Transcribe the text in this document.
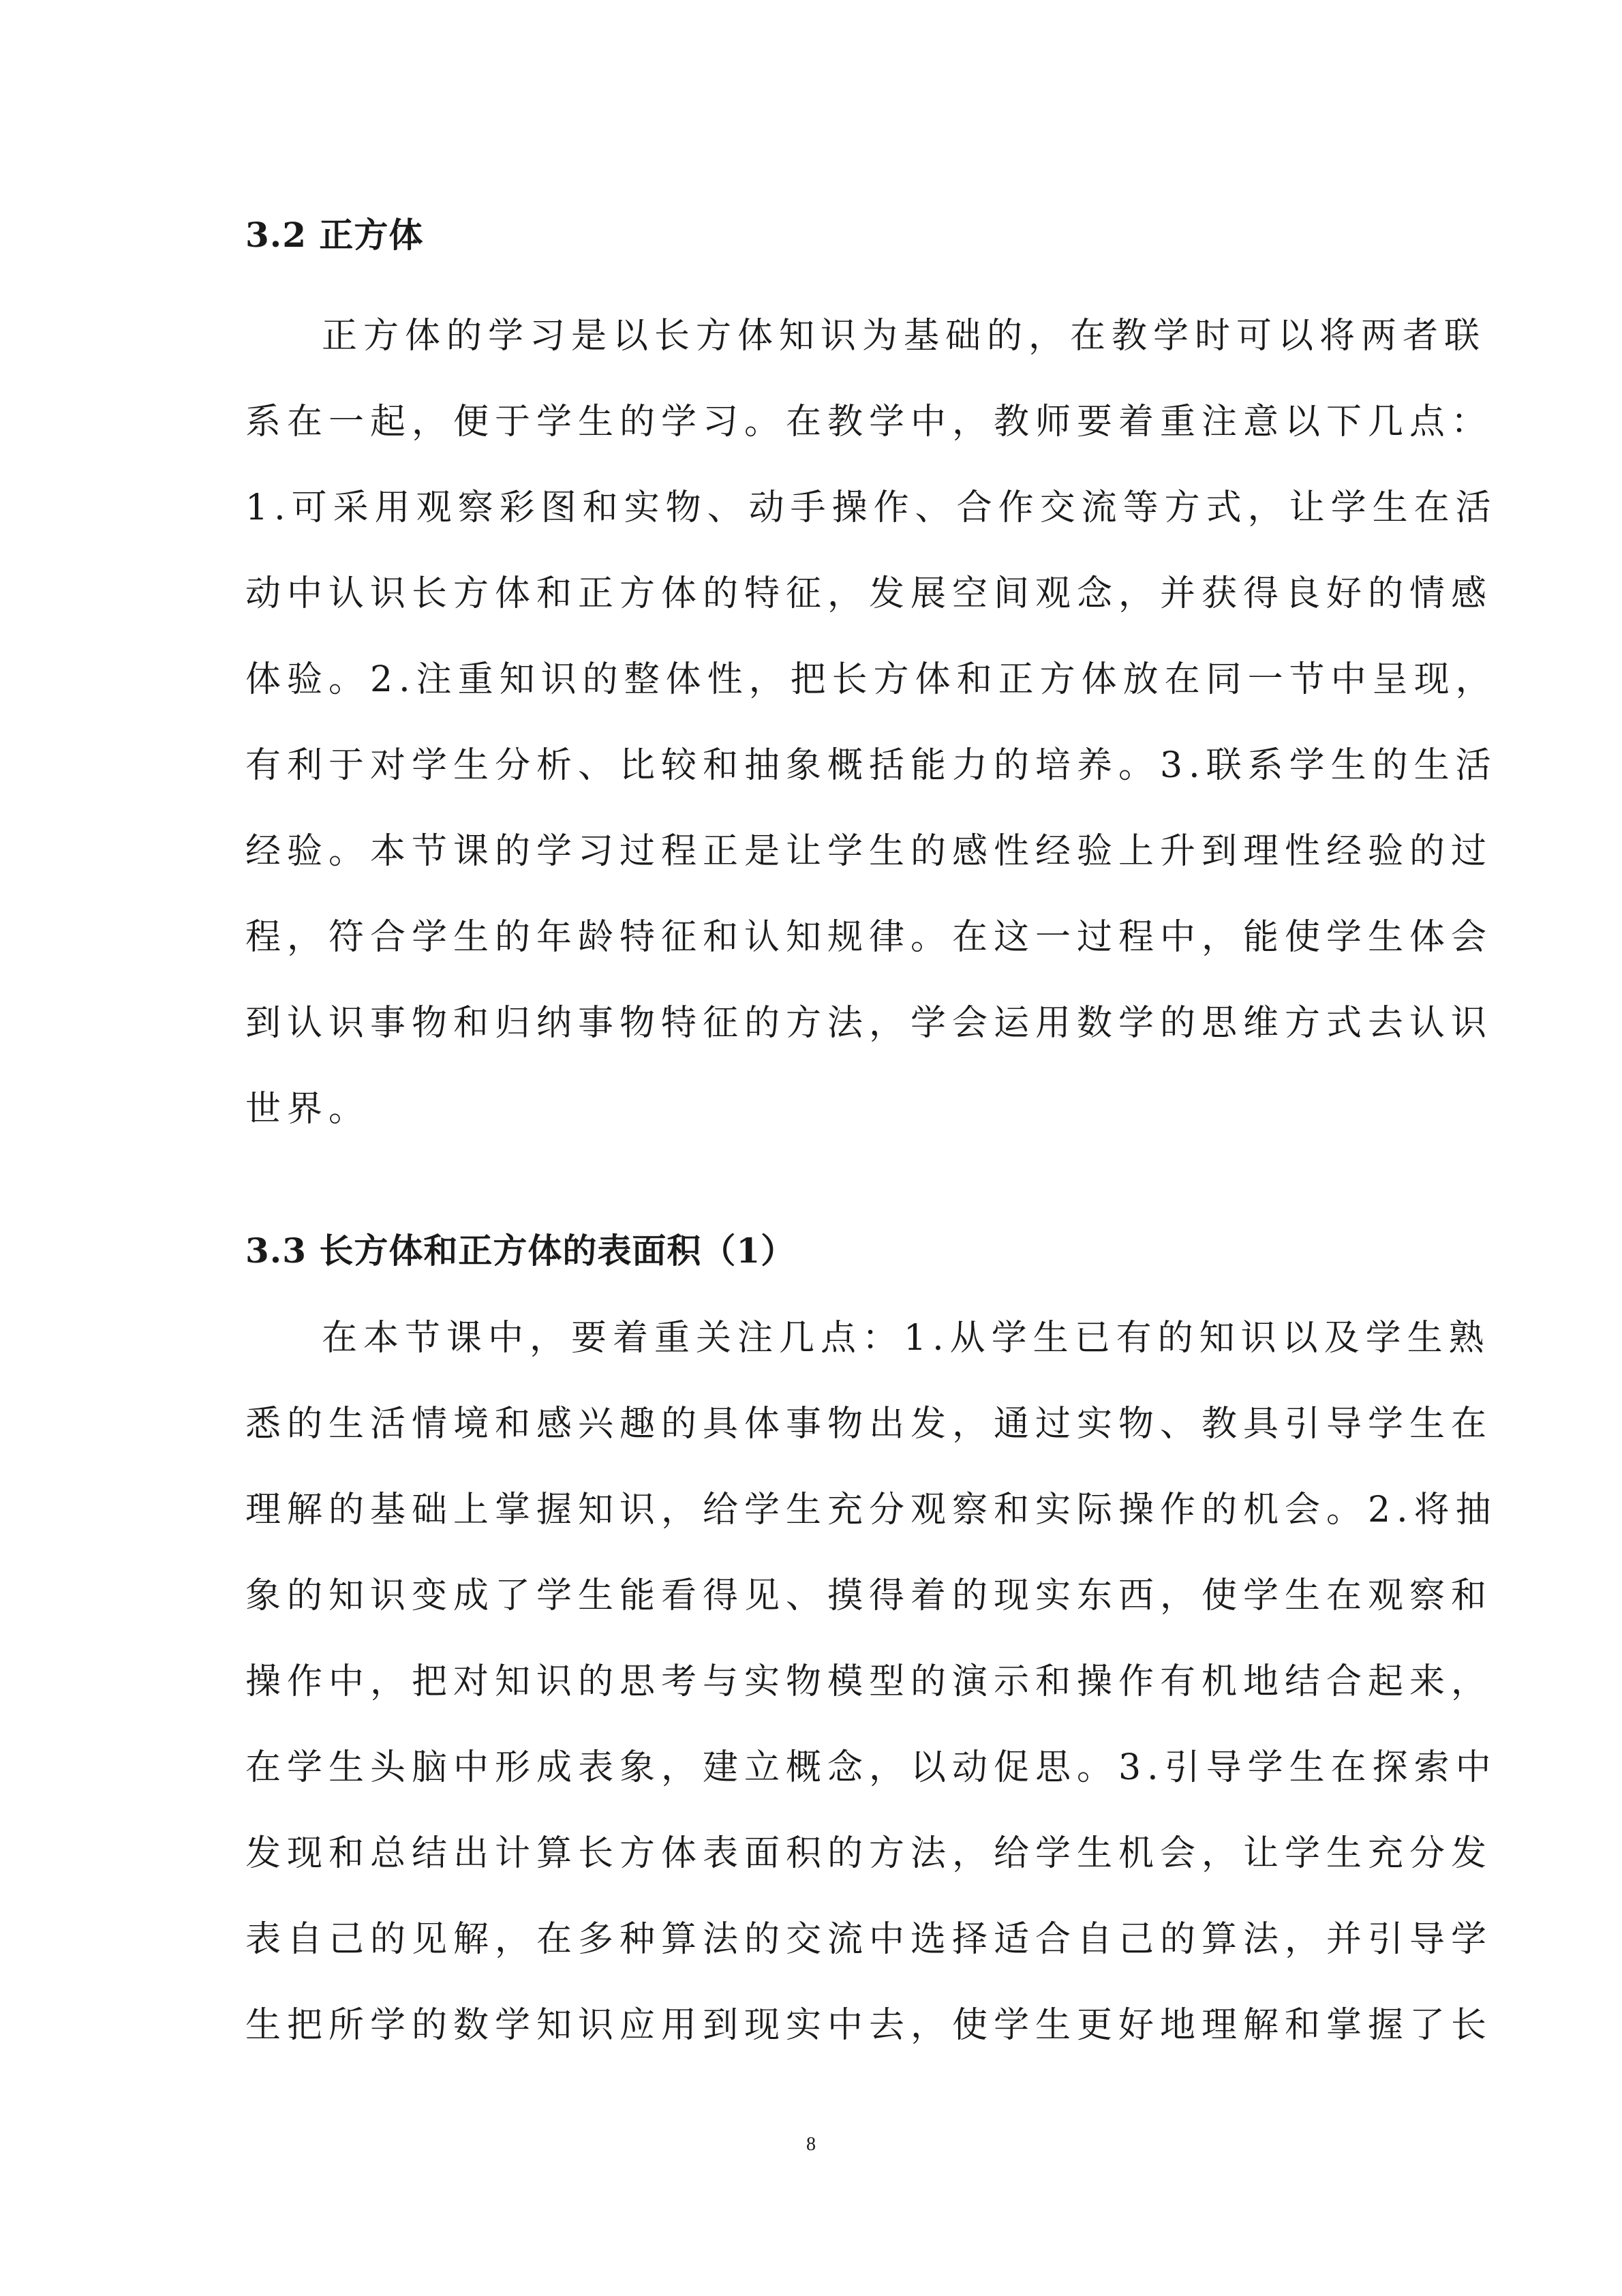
3.2 正方体
正方体的学习是以长方体知识为基础的，在教学时可以将两者联
系在一起，便于学生的学习。在教学中，教师要着重注意以下几点：
1.可采用观察彩图和实物、动手操作、合作交流等方式，让学生在活
动中认识长方体和正方体的特征，发展空间观念，并获得良好的情感
体验。2.注重知识的整体性，把长方体和正方体放在同一节中呈现，
有利于对学生分析、比较和抽象概括能力的培养。3.联系学生的生活
经验。本节课的学习过程正是让学生的感性经验上升到理性经验的过
程，符合学生的年龄特征和认知规律。在这一过程中，能使学生体会
到认识事物和归纳事物特征的方法，学会运用数学的思维方式去认识
世界。
3.3 长方体和正方体的表面积（1）
在本节课中，要着重关注几点：1.从学生已有的知识以及学生熟
悉的生活情境和感兴趣的具体事物出发，通过实物、教具引导学生在
理解的基础上掌握知识，给学生充分观察和实际操作的机会。2.将抽
象的知识变成了学生能看得见、摸得着的现实东西，使学生在观察和
操作中，把对知识的思考与实物模型的演示和操作有机地结合起来，
在学生头脑中形成表象，建立概念，以动促思。3.引导学生在探索中
发现和总结出计算长方体表面积的方法，给学生机会，让学生充分发
表自己的见解，在多种算法的交流中选择适合自己的算法，并引导学
生把所学的数学知识应用到现实中去，使学生更好地理解和掌握了长
8
